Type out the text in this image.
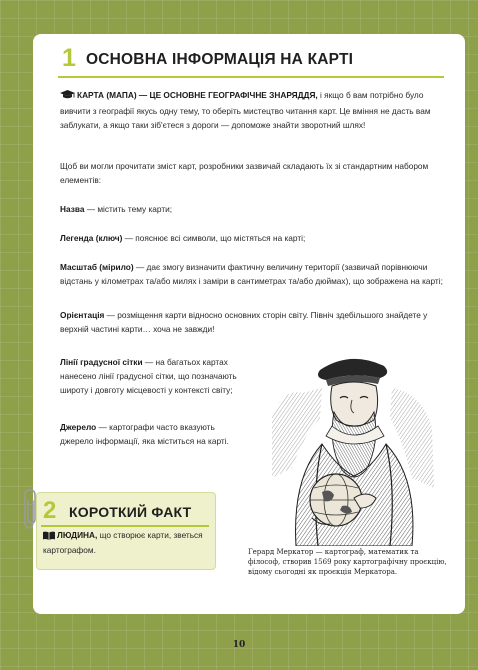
1 ОСНОВНА ІНФОРМАЦІЯ НА КАРТІ
КАРТА (МАПА) — ЦЕ ОСНОВНЕ ГЕОГРАФІЧНЕ ЗНАРЯДДЯ, і якщо б вам потрібно було вивчити з географії якусь одну тему, то оберіть мистецтво читання карт. Це вміння не дасть вам заблукати, а якщо таки зіб'єтеся з дороги — допоможе знайти зворотний шлях!
Щоб ви могли прочитати зміст карт, розробники зазвичай складають їх зі стандартним набором елементів:
Назва — містить тему карти;
Легенда (ключ) — пояснює всі символи, що містяться на карті;
Масштаб (мірило) — дає змогу визначити фактичну величину території (зазвичай порівнюючи відстань у кілометрах та/або милях і заміри в сантиметрах та/або дюймах), що зображена на карті;
Орієнтація — розміщення карти відносно основних сторін світу. Північ здебільшого знайдете у верхній частині карти… хоча не завжди!
Лінії градусної сітки — на багатьох картах нанесено лінії градусної сітки, що позначають широту і довготу місцевості у контексті світу;
Джерело — картографи часто вказують джерело інформації, яка міститься на карті.
Герард Меркатор — картограф, математик та філософ, створив 1569 року картографічну проєкцію, відому сьогодні як проєкція Меркатора.
2 КОРОТКИЙ ФАКТ
ЛЮДИНА, що створює карти, зветься картографом.
10
